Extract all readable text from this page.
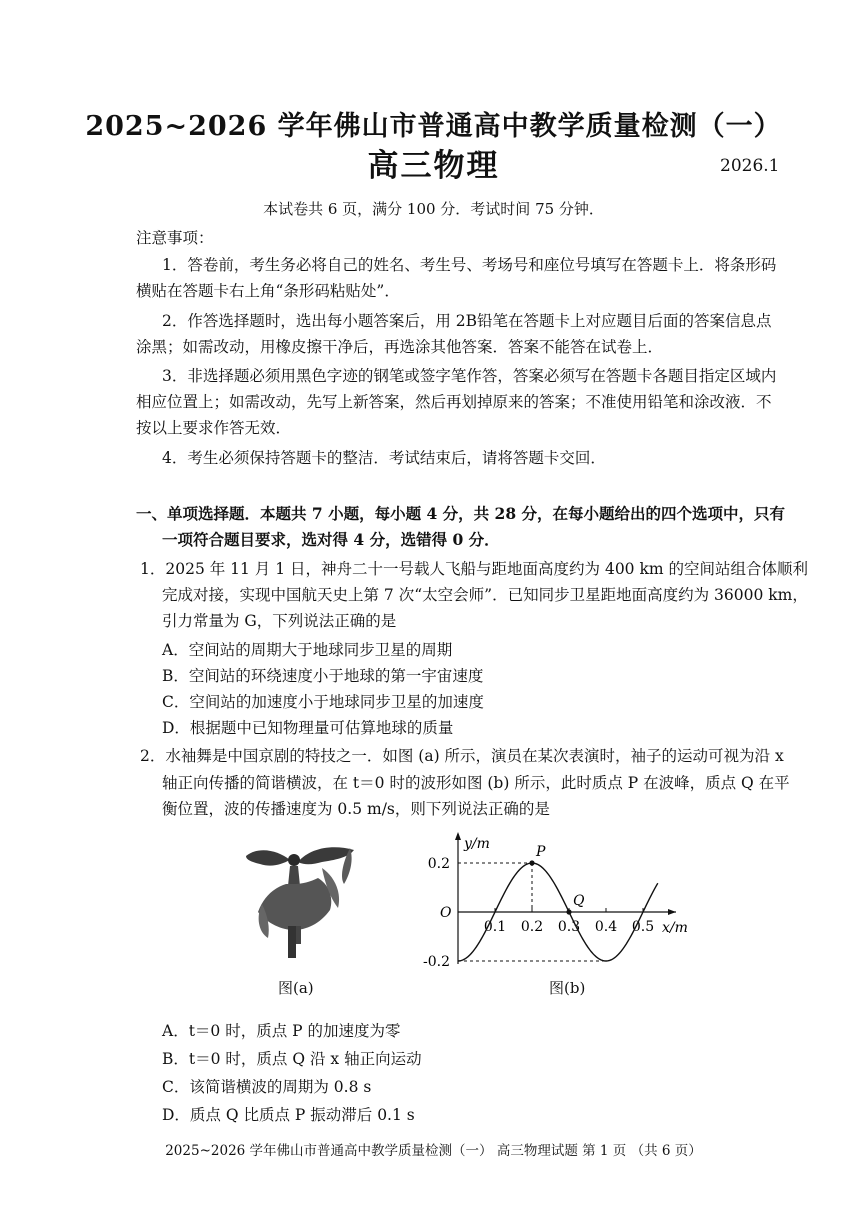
2025~2026 学年佛山市普通高中教学质量检测（一）
高三物理	2026.1
本试卷共 6 页，满分 100 分．考试时间 75 分钟．
注意事项：
1．答卷前，考生务必将自己的姓名、考生号、考场号和座位号填写在答题卡上．将条形码
横贴在答题卡右上角“条形码粘贴处”．
2．作答选择题时，选出每小题答案后，用 2B铅笔在答题卡上对应题目后面的答案信息点
涂黑；如需改动，用橡皮擦干净后，再选涂其他答案．答案不能答在试卷上．
3．非选择题必须用黑色字迹的钢笔或签字笔作答，答案必须写在答题卡各题目指定区域内
相应位置上；如需改动，先写上新答案，然后再划掉原来的答案；不准使用铅笔和涂改液．不
按以上要求作答无效．
4．考生必须保持答题卡的整洁．考试结束后，请将答题卡交回．
一、单项选择题．本题共 7 小题，每小题 4 分，共 28 分，在每小题给出的四个选项中，只有
一项符合题目要求，选对得 4 分，选错得 0 分．
1．2025 年 11 月 1 日，神舟二十一号载人飞船与距地面高度约为 400 km 的空间站组合体顺利
完成对接，实现中国航天史上第 7 次“太空会师”．已知同步卫星距地面高度约为 36000 km，
引力常量为 G，下列说法正确的是
A．空间站的周期大于地球同步卫星的周期
B．空间站的环绕速度小于地球的第一宇宙速度
C．空间站的加速度小于地球同步卫星的加速度
D．根据题中已知物理量可估算地球的质量
2．水袖舞是中国京剧的特技之一．如图 (a) 所示，演员在某次表演时，袖子的运动可视为沿 x
轴正向传播的简谐横波，在 t＝0 时的波形如图 (b) 所示，此时质点 P 在波峰，质点 Q 在平
衡位置，波的传播速度为 0.5 m/s，则下列说法正确的是
图(a)
y/m
x/m
O
0.2
-0.2
0.1 0.2 0.3 0.4 0.5
P
Q
图(b)
A．t＝0 时，质点 P 的加速度为零
B．t＝0 时，质点 Q 沿 x 轴正向运动
C．该简谐横波的周期为 0.8 s
D．质点 Q 比质点 P 振动滞后 0.1 s
2025~2026 学年佛山市普通高中教学质量检测（一） 高三物理试题 第 1 页 （共 6 页）
